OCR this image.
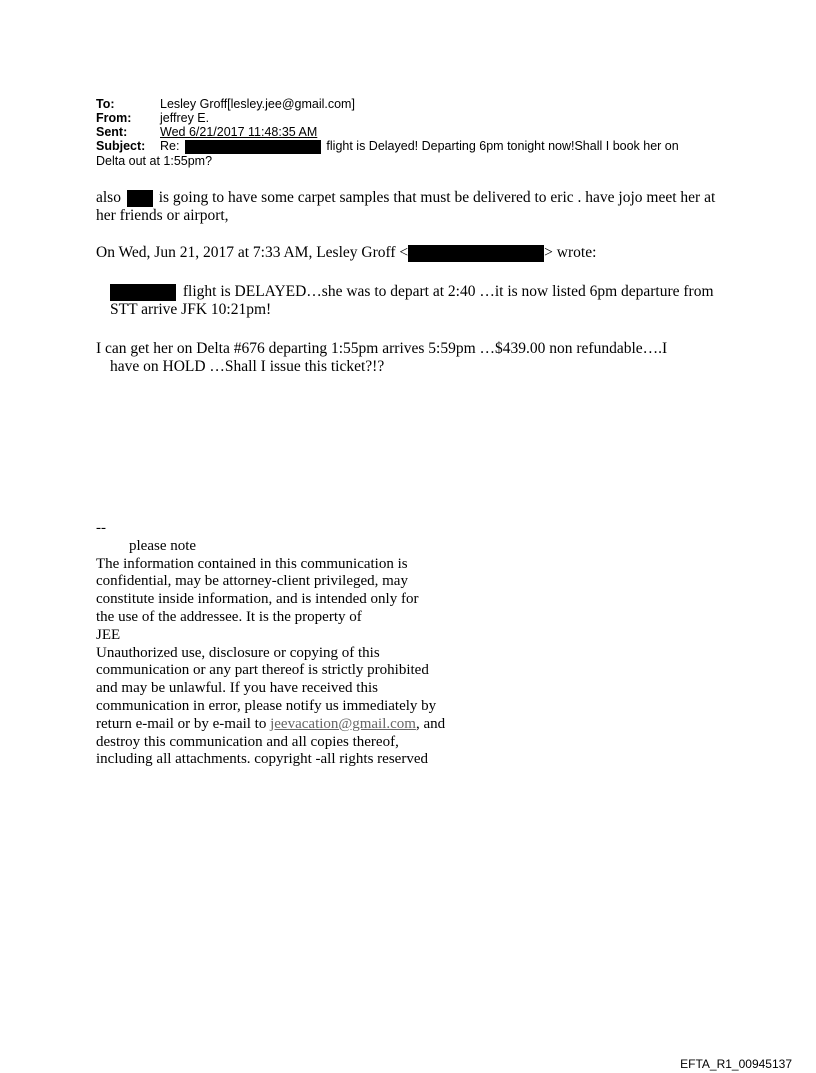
To:	Lesley Groff[lesley.jee@gmail.com]
From: jeffrey E.
Sent:	Wed 6/21/2017 11:48:35 AM
Subject: Re:	flight is Delayed! Departing 6pm tonight now!Shall I book her on
Delta out at 1:55pm?
also is going to have some carpet samples that must be delivered to eric . have jojo meet her at her friends or airport,
On Wed, Jun 21, 2017 at 7:33 AM, Lesley Groff <	> wrote:
flight is DELAYED…she was to depart at 2:40 …it is now listed 6pm departure from STT arrive JFK 10:21pm!
I can get her on Delta #676 departing 1:55pm arrives 5:59pm …$439.00 non refundable….I
have on HOLD …Shall I issue this ticket?!?
--
please note
The information contained in this communication is
confidential, may be attorney-client privileged, may
constitute inside information, and is intended only for
the use of the addressee. It is the property of
JEE
Unauthorized use, disclosure or copying of this
communication or any part thereof is strictly prohibited
and may be unlawful. If you have received this
communication in error, please notify us immediately by
return e-mail or by e-mail to jeevacation@gmail.com, and
destroy this communication and all copies thereof,
including all attachments. copyright -all rights reserved
EFTA_R1_00945137
